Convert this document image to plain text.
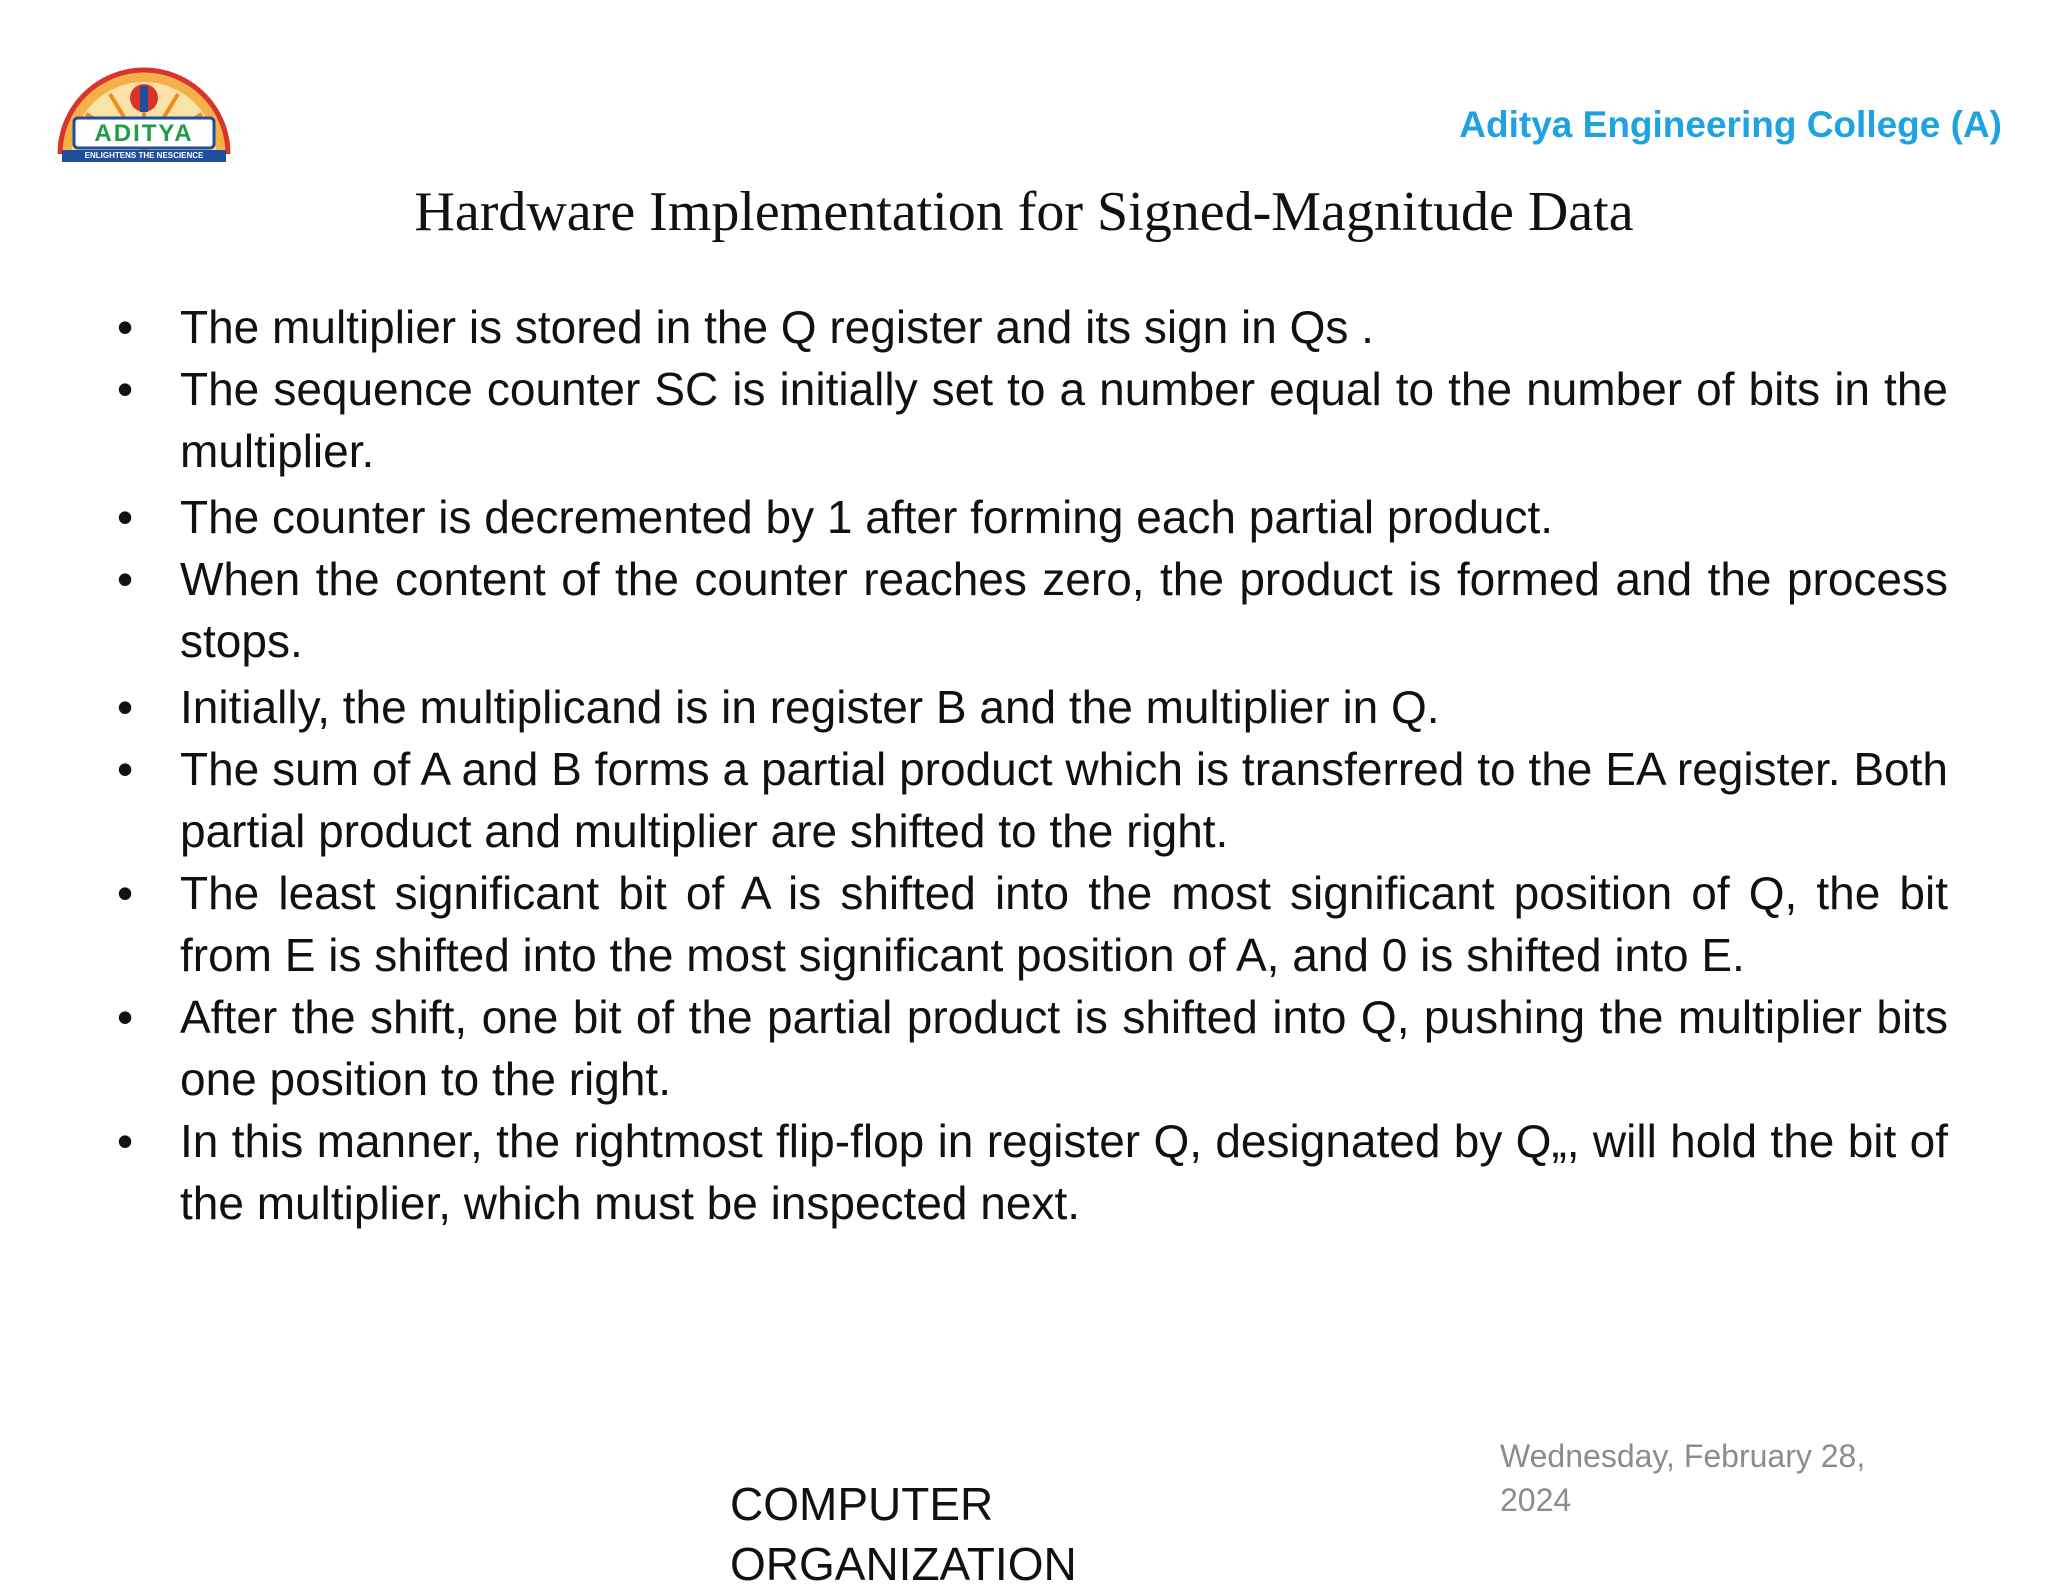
ADITYA
ENLIGHTENS THE NESCIENCE
Aditya Engineering College (A)
Hardware Implementation for Signed-Magnitude Data
• The multiplier is stored in the Q register and its sign in Qs .
• The sequence counter SC is initially set to a number equal to the number of bits in the multiplier.
• The counter is decremented by 1 after forming each partial product.
• When the content of the counter reaches zero, the product is formed and the process stops.
• Initially, the multiplicand is in register B and the multiplier in Q.
• The sum of A and B forms a partial product which is transferred to the EA register. Both partial product and multiplier are shifted to the right.
• The least significant bit of A is shifted into the most significant position of Q, the bit from E is shifted into the most significant position of A, and 0 is shifted into E.
• After the shift, one bit of the partial product is shifted into Q, pushing the multiplier bits one position to the right.
• In this manner, the rightmost flip-flop in register Q, designated by Q„, will hold the bit of the multiplier, which must be inspected next.
COMPUTER
ORGANIZATION
Wednesday, February 28,
2024
